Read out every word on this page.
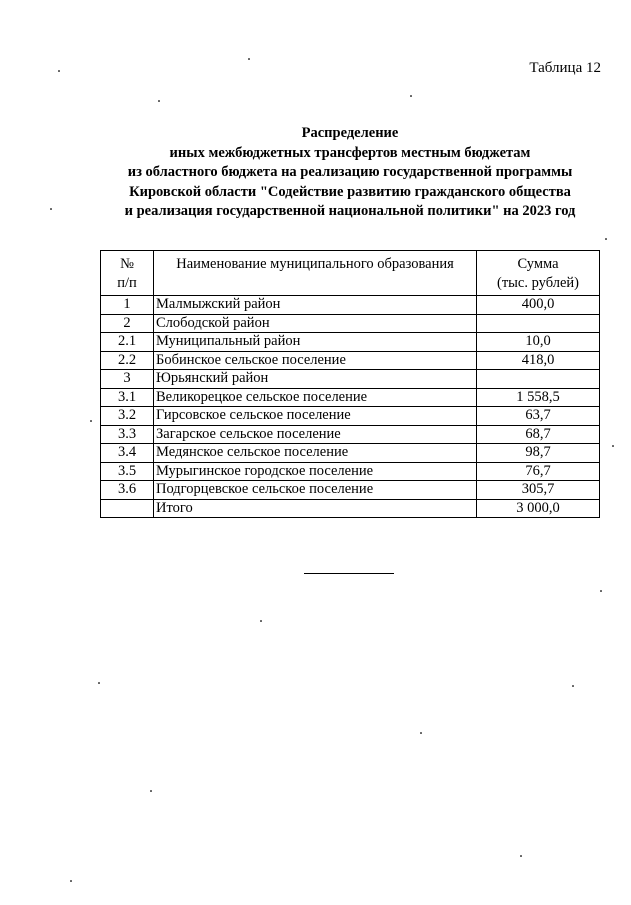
Таблица 12
Распределение
иных межбюджетных трансфертов местным бюджетам
из областного бюджета на реализацию государственной программы
Кировской области "Содействие развитию гражданского общества
и реализация государственной национальной политики" на 2023 год
№
п/п	Наименование муниципального образования	Сумма
(тыс. рублей)
1	Малмыжский район	400,0
2	Слободской район	
2.1	Муниципальный район	10,0
2.2	Бобинское сельское поселение	418,0
3	Юрьянский район	
3.1	Великорецкое сельское поселение	1 558,5
3.2	Гирсовское сельское поселение	63,7
3.3	Загарское сельское поселение	68,7
3.4	Медянское сельское поселение	98,7
3.5	Мурыгинское городское поселение	76,7
3.6	Подгорцевское сельское поселение	305,7
	Итого	3 000,0
